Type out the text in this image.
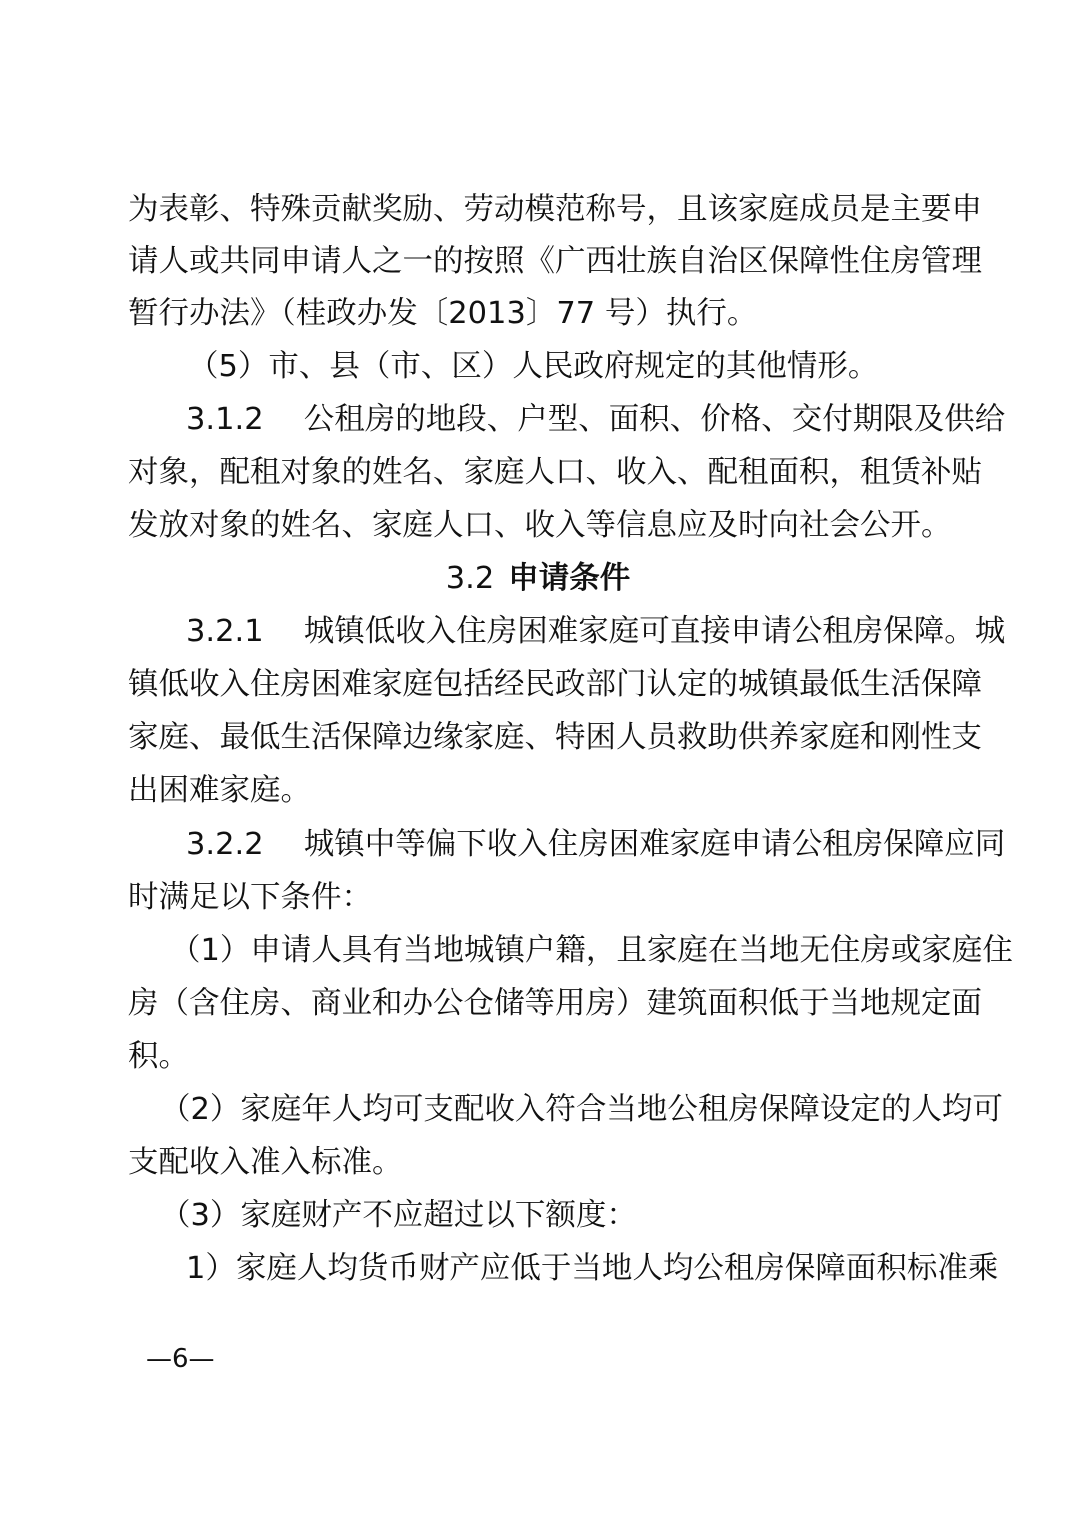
为表彰、特殊贡献奖励、劳动模范称号，且该家庭成员是主要申
请人或共同申请人之一的按照《广西壮族自治区保障性住房管理
暂行办法》（桂政办发〔2013〕77 号）执行。
（5）市、县（市、区）人民政府规定的其他情形。
3.1.2　 公租房的地段、户型、面积、价格、交付期限及供给
对象，配租对象的姓名、家庭人口、收入、配租面积，租赁补贴
发放对象的姓名、家庭人口、收入等信息应及时向社会公开。
3.2 申请条件
3.2.1　 城镇低收入住房困难家庭可直接申请公租房保障。城
镇低收入住房困难家庭包括经民政部门认定的城镇最低生活保障
家庭、最低生活保障边缘家庭、特困人员救助供养家庭和刚性支
出困难家庭。
3.2.2　 城镇中等偏下收入住房困难家庭申请公租房保障应同
时满足以下条件：
（1）申请人具有当地城镇户籍，且家庭在当地无住房或家庭住
房（含住房、商业和办公仓储等用房）建筑面积低于当地规定面
积。
（2）家庭年人均可支配收入符合当地公租房保障设定的人均可
支配收入准入标准。
（3）家庭财产不应超过以下额度：
1）家庭人均货币财产应低于当地人均公租房保障面积标准乘
—6—
